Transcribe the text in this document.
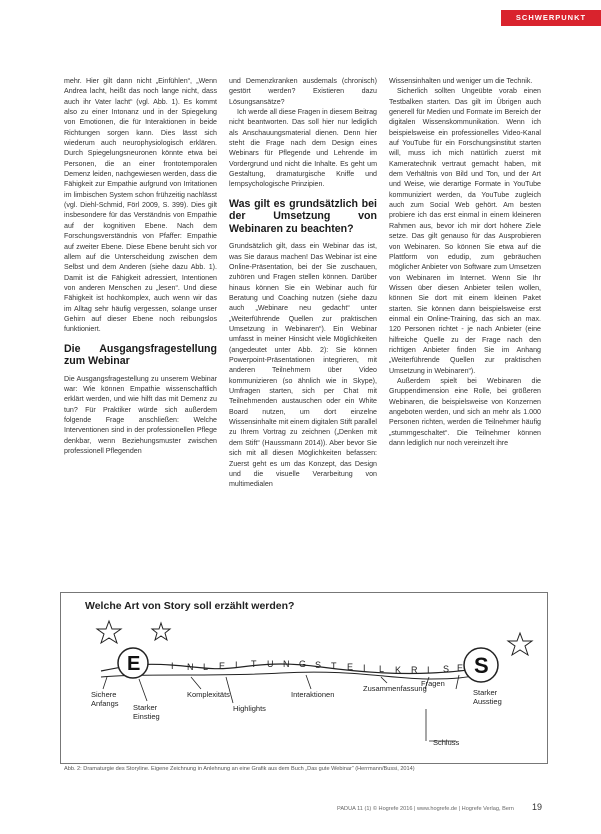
SCHWERPUNKT

mehr. Hier gilt dann nicht „Einfühlen“, „Wenn Andrea lacht, heißt das noch lange nicht, dass auch ihr Vater lacht“ (vgl. Abb. 1). Es kommt also zu einer Intonanz und in der Spiegelung von Emotionen, die für Interaktionen in beide Richtungen sorgen kann. Dies lässt sich wiederum auch neurophysiologisch erklären. Durch Spiegelungsneuronen könnte etwa bei Personen, die an einer frontotemporalen Demenz leiden, nachgewiesen werden, dass die Fähigkeit zur Empathie aufgrund von Irritationen im limbischen System schon frühzeitig nachlässt (vgl. Diehl-Schmid, Förl 2009, S. 399). Dies gilt insbesondere für das Verständnis von Empathie auf der kognitiven Ebene. Nach dem Forschungsverständnis von Pfaffer: Empathie auf zweiter Ebene. Diese Ebene beruht sich vor allem auf die Unterscheidung zwischen dem Selbst und dem Anderen (siehe dazu Abb. 1). Damit ist die Fähigkeit adressiert, Intentionen von anderen Menschen zu „lesen“. Und diese Fähigkeit ist hochkomplex, auch wenn wir das im Alltag sehr häufig vergessen, solange unser Gehirn auf dieser Ebene noch reibungslos funktioniert.

Die Ausgangsfragestellung zum Webinar

Die Ausgangsfragestellung zu unserem Webinar war: Wie können Empathie wissenschaftlich erklärt werden, und wie hilft das mit Demenz zu tun? Für Praktiker würde sich außerdem folgende Frage anschließen: Welche Interventionen sind in der professionellen Pflege denkbar, wenn Beziehungsmuster zwischen professionell Pflegenden

und Demenzkranken ausdemals (chronisch) gestört werden? Existieren dazu Lösungsansätze?

Ich werde all diese Fragen in diesem Beitrag nicht beantworten. Das soll hier nur lediglich als Anschauungsmaterial dienen. Denn hier steht die Frage nach dem Design eines Webinars für Pflegende und Lehrende im Vordergrund und nicht die Inhalte. Es geht um Gestaltung, dramaturgische Kniffe und lernpsychologische Prinzipien.

Was gilt es grundsätzlich bei der Umsetzung von Webinaren zu beachten?

Grundsätzlich gilt, dass ein Webinar das ist, was Sie daraus machen! Das Webinar ist eine Online-Präsentation, bei der Sie zuschauen, zuhören und Fragen stellen können. Darüber hinaus können Sie ein Webinar auch für Beratung und Coaching nutzen (siehe dazu auch „Webinare neu gedacht“ unter „Weiterführende Quellen zur praktischen Umsetzung in Webinaren“). Ein Webinar umfasst in meiner Hinsicht viele Möglichkeiten (angedeutet unter Abb. 2): Sie können Powerpoint-Präsentationen integrieren, mit anderen Teilnehmern über Video kommunizieren (so ähnlich wie in Skype), Umfragen starten, sich per Chat mit Teilnehmenden austauschen oder ein White Board nutzen, um dort einzelne Wissensinhalte mit einem digitalen Stift parallel zu Ihrem Vortrag zu zeichnen („Denken mit dem Stift“ (Haussmann 2014)). Aber bevor Sie sich mit all diesen Möglichkeiten befassen: Zuerst geht es um das Konzept, das Design und die visuelle Verarbeitung von multimedialen

Wissensinhalten und weniger um die Technik.

Sicherlich sollten Ungeübte vorab einen Testbalken starten. Das gilt im Übrigen auch generell für Medien und Formate im Bereich der digitalen Wissenskommunikation. Wenn ich beispielsweise ein professionelles Video-Kanal auf YouTube für ein Forschungsinstitut starten will, muss ich mich natürlich zuerst mit Kameratechnik vertraut gemacht haben, mit dem Verhältnis von Bild und Ton, und der Art und Weise, wie derartige Formate in YouTube kommuniziert werden, da YouTube zugleich auch zum Social Web gehört. Am besten probiere ich das erst einmal in einem kleineren Rahmen aus, bevor ich mir dort höhere Ziele setze. Das gilt genauso für das Ausprobieren von Webinaren. So können Sie etwa auf die Plattform von edudip, zum gebräuchen möglicher Anbieter von Software zum Umsetzen von Webinaren im Internet. Wenn Sie Ihr Wissen über diesen Anbieter teilen wollen, können Sie dort mit einem kleinen Paket starten. Sie können dann beispielsweise erst einmal ein Online-Training, das sich an max. 120 Personen richtet - je nach Anbieter (eine hilfreiche Quelle zu der Frage nach den richtigen Anbieter finden Sie im Anhang „Weiterführende Quellen zur praktischen Umsetzung in Webinaren“).

Außerdem spielt bei Webinaren die Gruppendimension eine Rolle, bei größeren Webinaren, die beispielsweise von Konzernen angeboten werden, und sich an mehr als 1.000 Personen richten, werden die Teilnehmer häufig „stummgeschaltet“. Die Teilnehmer können dann lediglich nur noch vereinzelt ihre

Welche Art von Story soll erzählt werden?
E	S
I N L E I T U N G S T E I L K R I S E
Sichere
Anfangs Starker
Einstieg
Komplexitäts
Highlights
Interaktionen
Zusammenfassung
Fragen
Starker
Ausstieg
Schluss
Abb. 2: Dramaturgie des Storyline. Eigene Zeichnung in Anlehnung an eine Grafik aus dem Buch „Das gute Webinar“ (Herrmann/Bussi, 2014)
PADUA 11 (1) © Hogrefe 2016 | www.hogrefe.de | Hogrefe Verlag, Bern 19
